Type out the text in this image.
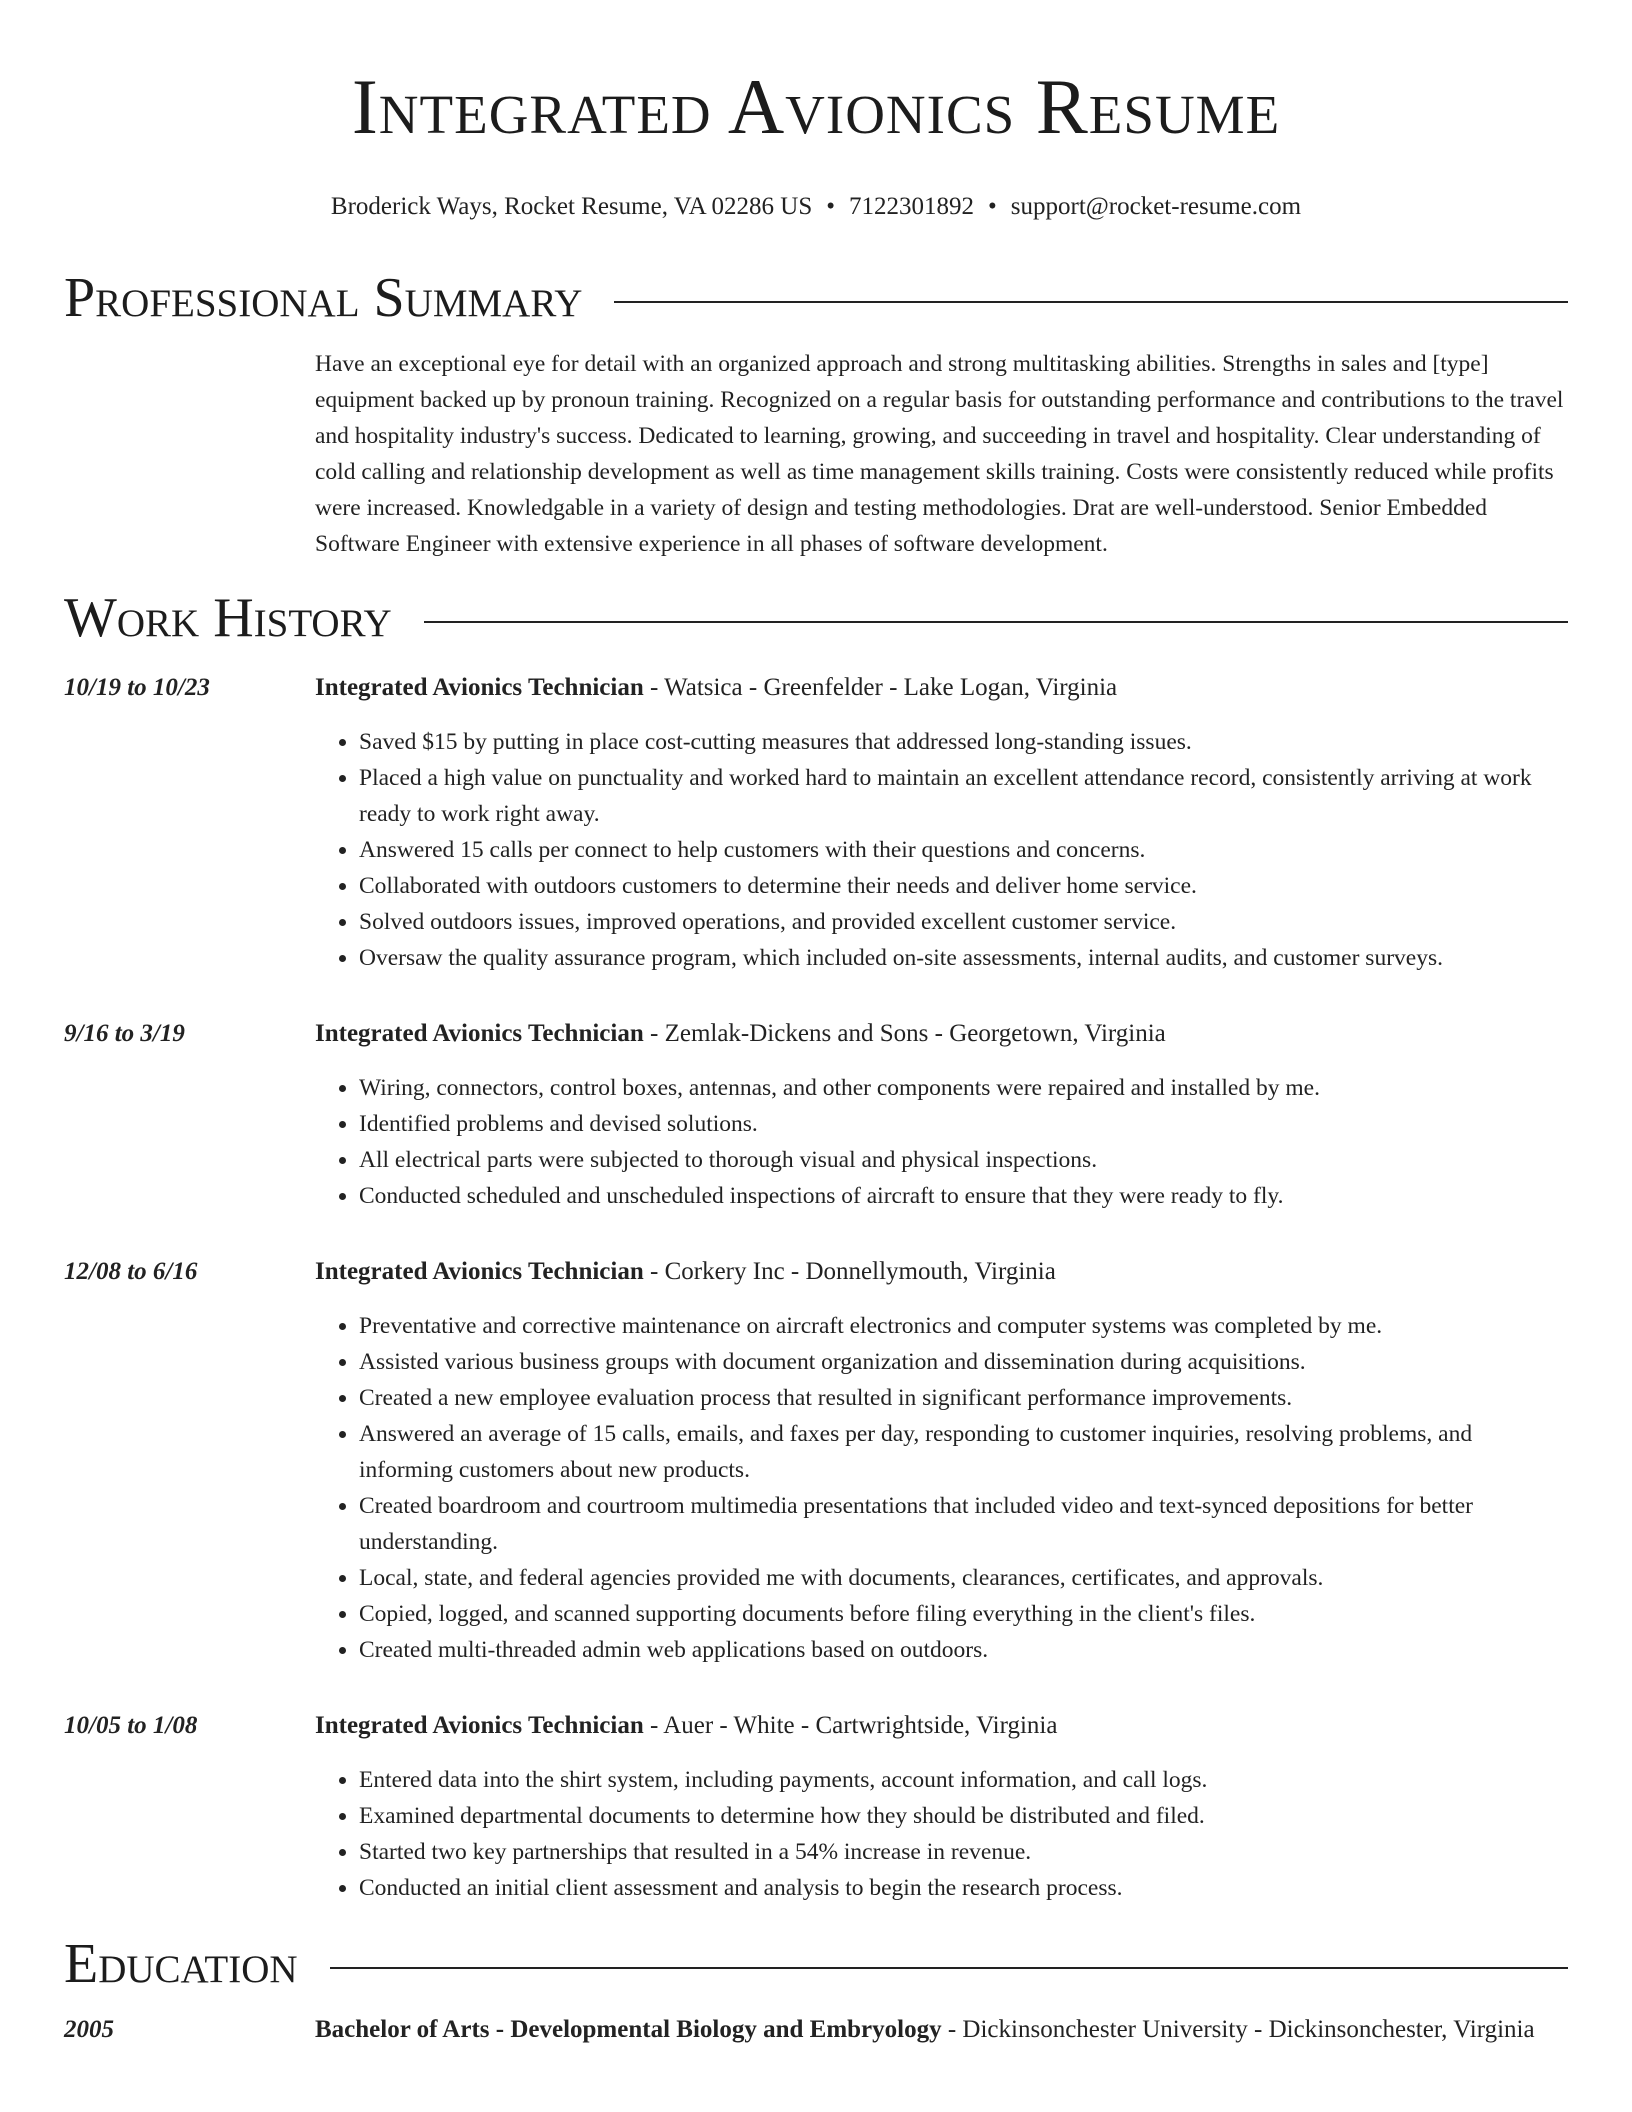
Integrated Avionics Resume
Broderick Ways, Rocket Resume, VA 02286 US • 7122301892 • support@rocket-resume.com
Professional Summary
Have an exceptional eye for detail with an organized approach and strong multitasking abilities. Strengths in sales and [type] equipment backed up by pronoun training. Recognized on a regular basis for outstanding performance and contributions to the travel and hospitality industry's success. Dedicated to learning, growing, and succeeding in travel and hospitality. Clear understanding of cold calling and relationship development as well as time management skills training. Costs were consistently reduced while profits were increased. Knowledgable in a variety of design and testing methodologies. Drat are well-understood. Senior Embedded Software Engineer with extensive experience in all phases of software development.
Work History
10/19 to 10/23	Integrated Avionics Technician - Watsica - Greenfelder - Lake Logan, Virginia
• Saved $15 by putting in place cost-cutting measures that addressed long-standing issues.
• Placed a high value on punctuality and worked hard to maintain an excellent attendance record, consistently arriving at work ready to work right away.
• Answered 15 calls per connect to help customers with their questions and concerns.
• Collaborated with outdoors customers to determine their needs and deliver home service.
• Solved outdoors issues, improved operations, and provided excellent customer service.
• Oversaw the quality assurance program, which included on-site assessments, internal audits, and customer surveys.
9/16 to 3/19	Integrated Avionics Technician - Zemlak-Dickens and Sons - Georgetown, Virginia
• Wiring, connectors, control boxes, antennas, and other components were repaired and installed by me.
• Identified problems and devised solutions.
• All electrical parts were subjected to thorough visual and physical inspections.
• Conducted scheduled and unscheduled inspections of aircraft to ensure that they were ready to fly.
12/08 to 6/16	Integrated Avionics Technician - Corkery Inc - Donnellymouth, Virginia
• Preventative and corrective maintenance on aircraft electronics and computer systems was completed by me.
• Assisted various business groups with document organization and dissemination during acquisitions.
• Created a new employee evaluation process that resulted in significant performance improvements.
• Answered an average of 15 calls, emails, and faxes per day, responding to customer inquiries, resolving problems, and informing customers about new products.
• Created boardroom and courtroom multimedia presentations that included video and text-synced depositions for better understanding.
• Local, state, and federal agencies provided me with documents, clearances, certificates, and approvals.
• Copied, logged, and scanned supporting documents before filing everything in the client's files.
• Created multi-threaded admin web applications based on outdoors.
10/05 to 1/08	Integrated Avionics Technician - Auer - White - Cartwrightside, Virginia
• Entered data into the shirt system, including payments, account information, and call logs.
• Examined departmental documents to determine how they should be distributed and filed.
• Started two key partnerships that resulted in a 54% increase in revenue.
• Conducted an initial client assessment and analysis to begin the research process.
Education
2005	Bachelor of Arts - Developmental Biology and Embryology - Dickinsonchester University - Dickinsonchester, Virginia
